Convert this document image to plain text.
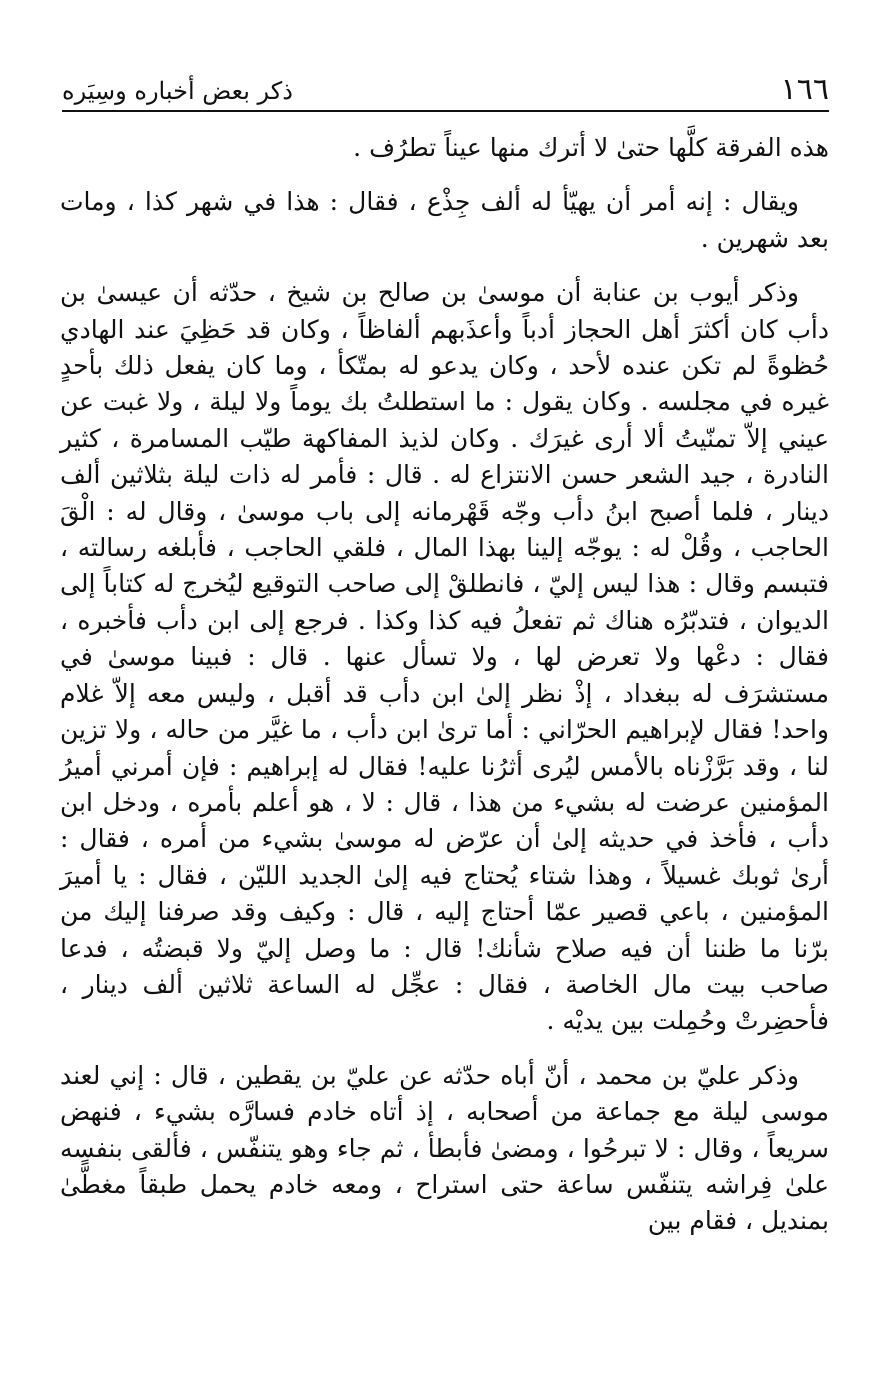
١٦٦
ذكر بعض أخباره وسِيَره

هذه الفرقة كلَّها حتىٰ لا أترك منها عيناً تطرُف .

ويقال : إنه أمر أن يهيّأ له ألف جِذْع ، فقال : هذا في شهر كذا ، ومات بعد شهرين .

وذكر أيوب بن عنابة أن موسىٰ بن صالح بن شيخ ، حدّثه أن عيسىٰ بن دأب كان أكثرَ أهل الحجاز أدباً وأعذَبهم ألفاظاً ، وكان قد حَظِيَ عند الهادي حُظوةً لم تكن عنده لأحد ، وكان يدعو له بمتّكأ ، وما كان يفعل ذلك بأحدٍ غيره في مجلسه . وكان يقول : ما استطلتُ بك يوماً ولا ليلة ، ولا غبت عن عيني إلاّ تمنّيتُ ألا أرى غيرَك . وكان لذيذ المفاكهة طيّب المسامرة ، كثير النادرة ، جيد الشعر حسن الانتزاع له . قال : فأمر له ذات ليلة بثلاثين ألف دينار ، فلما أصبح ابنُ دأب وجّه قَهْرمانه إلى باب موسىٰ ، وقال له : الْقَ الحاجب ، وقُلْ له : يوجّه إلينا بهذا المال ، فلقي الحاجب ، فأبلغه رسالته ، فتبسم وقال : هذا ليس إليّ ، فانطلقْ إلى صاحب التوقيع ليُخرج له كتاباً إلى الديوان ، فتدبّرُه هناك ثم تفعلُ فيه كذا وكذا . فرجع إلى ابن دأب فأخبره ، فقال : دعْها ولا تعرض لها ، ولا تسأل عنها . قال : فبينا موسىٰ في مستشرَف له ببغداد ، إذْ نظر إلىٰ ابن دأب قد أقبل ، وليس معه إلاّ غلام واحد! فقال لإبراهيم الحرّاني : أما ترىٰ ابن دأب ، ما غيَّر من حاله ، ولا تزين لنا ، وقد بَرَّزْناه بالأمس ليُرى أثرُنا عليه! فقال له إبراهيم : فإن أمرني أميرُ المؤمنين عرضت له بشيء من هذا ، قال : لا ، هو أعلم بأمره ، ودخل ابن دأب ، فأخذ في حديثه إلىٰ أن عرّض له موسىٰ بشيء من أمره ، فقال : أرىٰ ثوبك غسيلاً ، وهذا شتاء يُحتاج فيه إلىٰ الجديد الليّن ، فقال : يا أميرَ المؤمنين ، باعي قصير عمّا أحتاج إليه ، قال : وكيف وقد صرفنا إليك من برّنا ما ظننا أن فيه صلاح شأنك! قال : ما وصل إليّ ولا قبضتُه ، فدعا صاحب بيت مال الخاصة ، فقال : عجِّل له الساعة ثلاثين ألف دينار ، فأحضِرتْ وحُمِلت بين يديْه .

وذكر عليّ بن محمد ، أنّ أباه حدّثه عن عليّ بن يقطين ، قال : إني لعند موسى ليلة مع جماعة من أصحابه ، إذ أتاه خادم فسارَّه بشيء ، فنهض سريعاً ، وقال : لا تبرحُوا ، ومضىٰ فأبطأ ، ثم جاء وهو يتنفّس ، فألقى بنفسه علىٰ فِراشه يتنفّس ساعة حتى استراح ، ومعه خادم يحمل طبقاً مغطًّىٰ بمنديل ، فقام بين
